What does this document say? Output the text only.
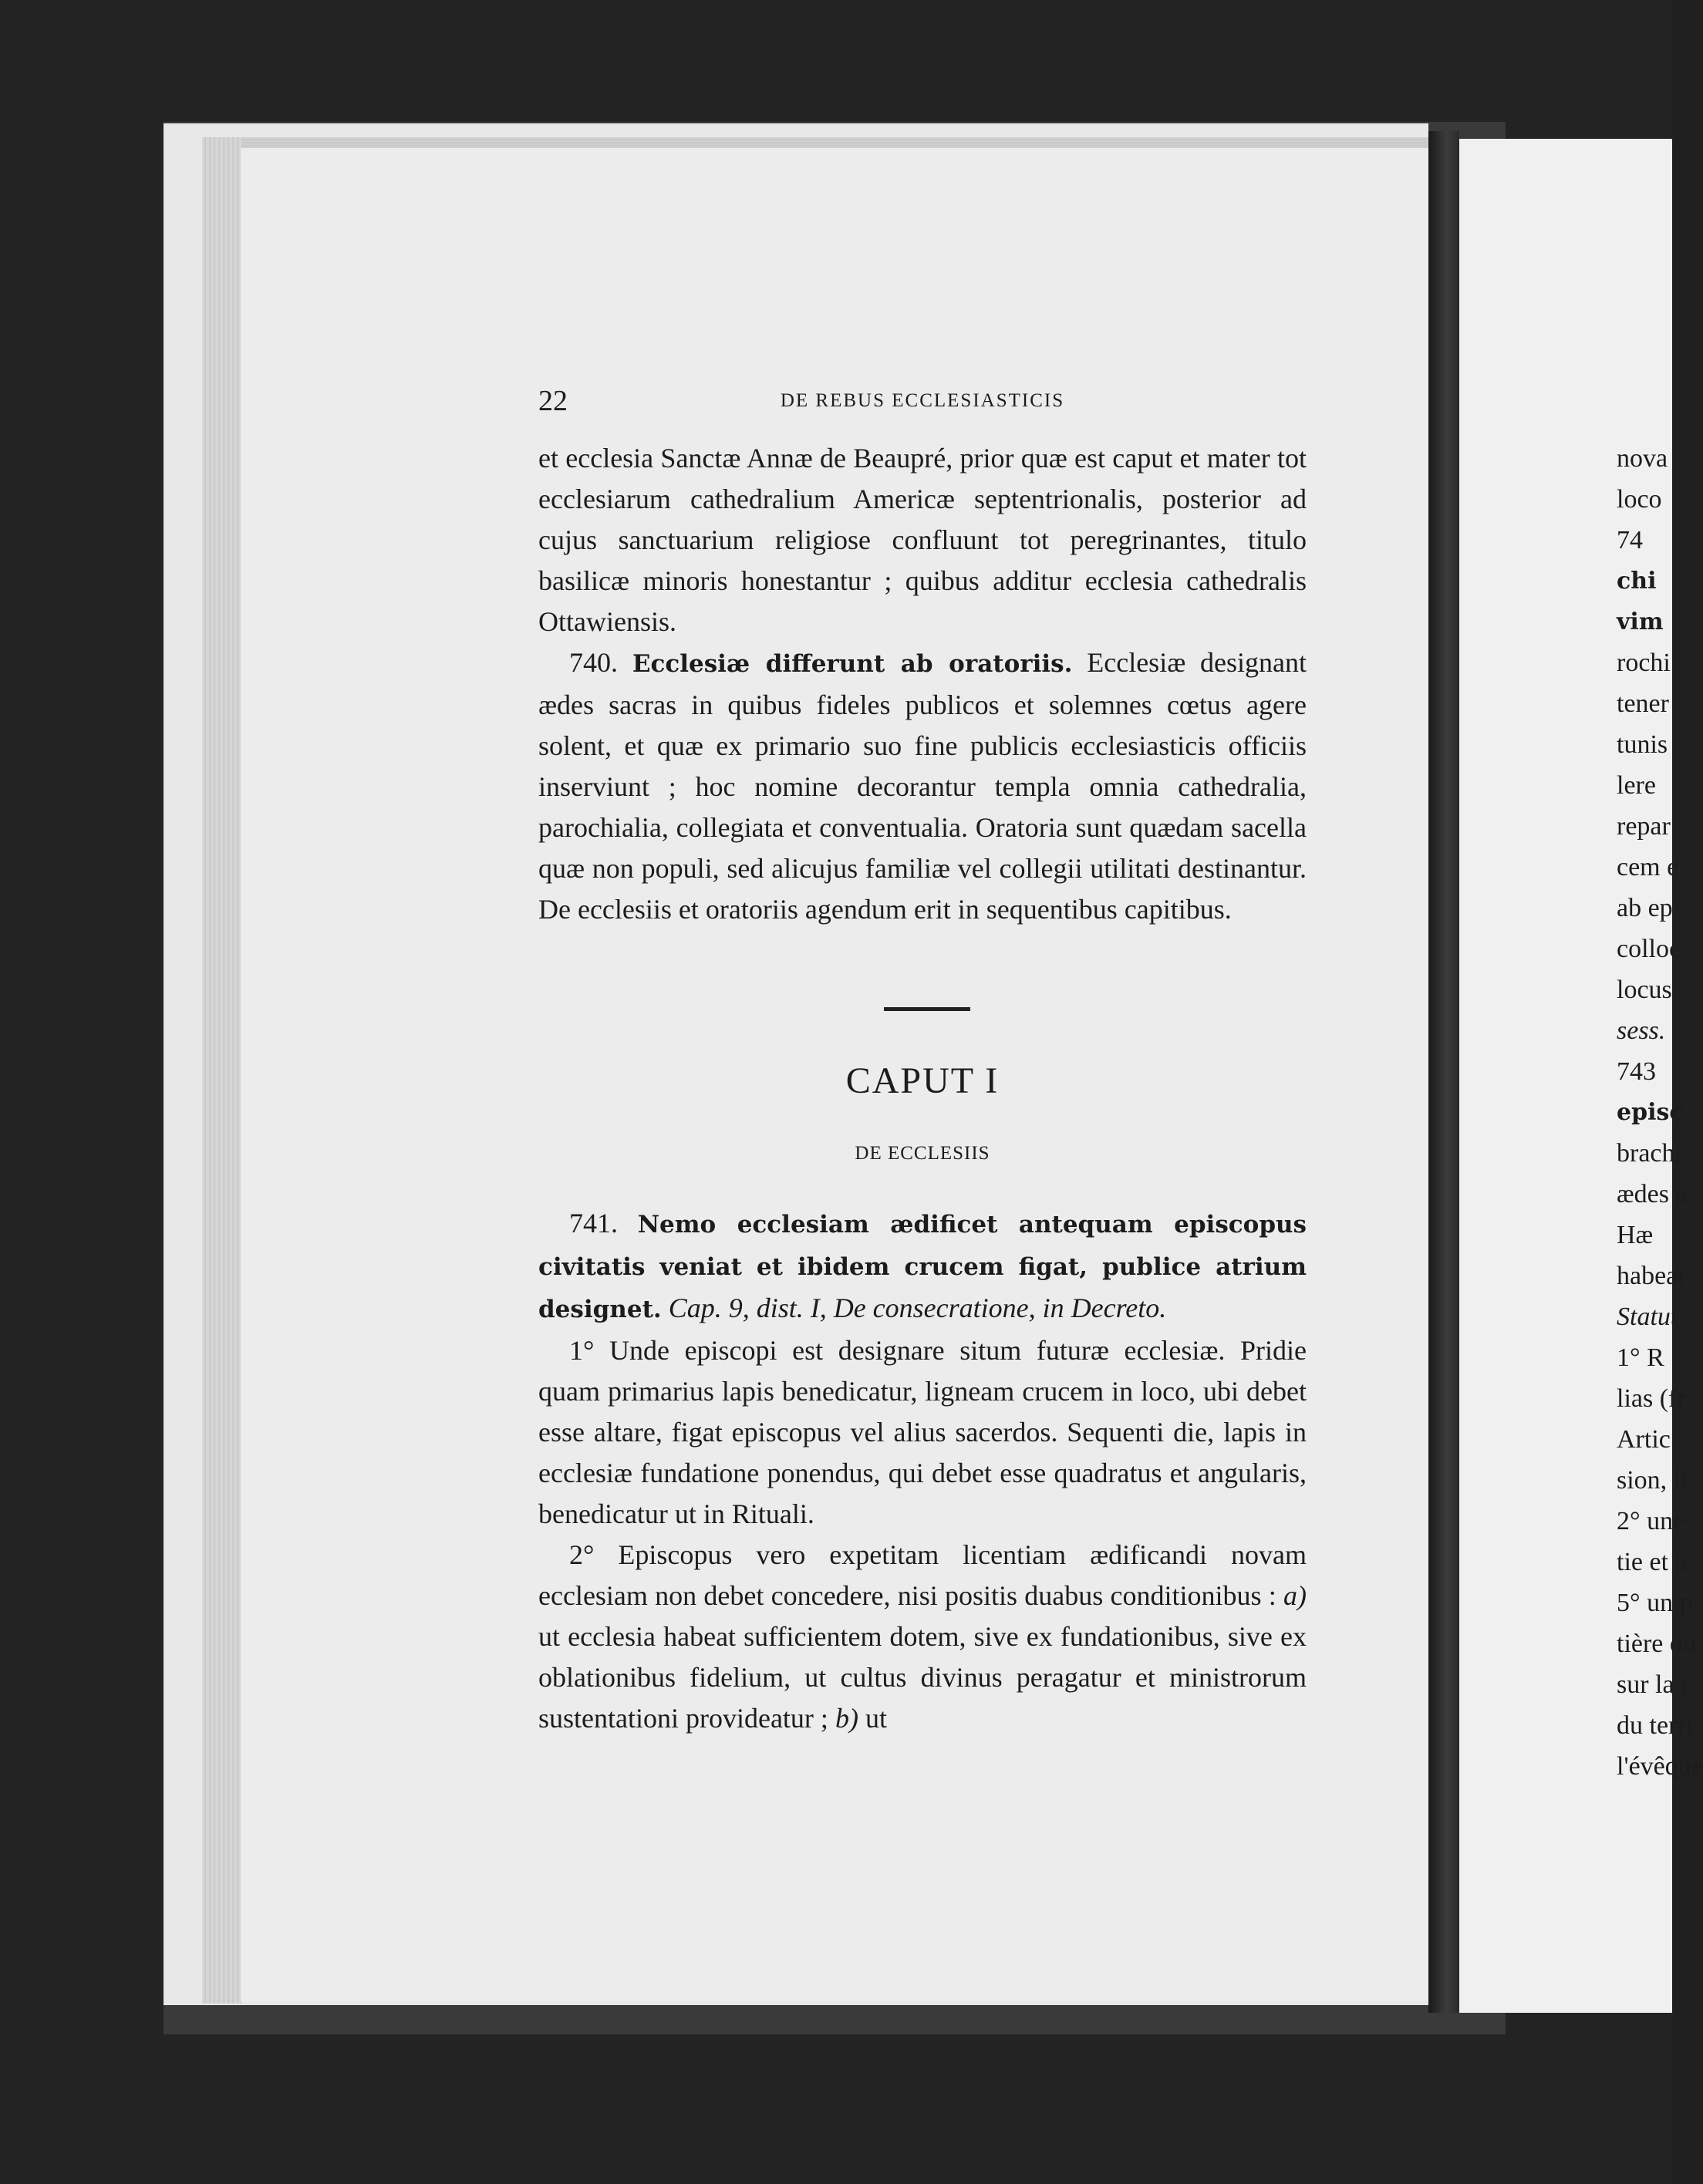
22	DE REBUS ECCLESIASTICIS

et ecclesia Sanctæ Annæ de Beaupré, prior quæ est caput et mater tot ecclesiarum cathedralium Americæ septentrionalis, posterior ad cujus sanctuarium religiose confluunt tot peregrinantes, titulo basilicæ minoris honestantur ; quibus additur ecclesia cathedralis Ottawiensis.

740. Ecclesiæ differunt ab oratoriis. Ecclesiæ designant ædes sacras in quibus fideles publicos et solemnes cœtus agere solent, et quæ ex primario suo fine publicis ecclesiasticis officiis inserviunt ; hoc nomine decorantur templa omnia cathedralia, parochialia, collegiata et conventualia. Oratoria sunt quædam sacella quæ non populi, sed alicujus familiæ vel collegii utilitati destinantur. De ecclesiis et oratoriis agendum erit in sequentibus capitibus.

CAPUT I
DE ECCLESIIS

741. Nemo ecclesiam ædificet antequam episcopus civitatis veniat et ibidem crucem figat, publice atrium designet. Cap. 9, dist. I, De consecratione, in Decreto.

1° Unde episcopi est designare situm futuræ ecclesiæ. Pridie quam primarius lapis benedicatur, ligneam crucem in loco, ubi debet esse altare, figat episcopus vel alius sacerdos. Sequenti die, lapis in ecclesiæ fundatione ponendus, qui debet esse quadratus et angularis, benedicatur ut in Rituali.

2° Episcopus vero expetitam licentiam ædificandi novam ecclesiam non debet concedere, nisi positis duabus conditionibus : a) ut ecclesia habeat sufficientem dotem, sive ex fundationibus, sive ex oblationibus fidelium, ut cultus divinus peragatur et ministrorum sustentationi provideatur ; b) ut

nova
loco
74
chi
vim
rochi
tener
tunis
lere
repar
cem e
ab ep
colloc
locus
sess.
743
episc
brachi
ædes a
Hæ
habeat
Statut
1° R
lias (fr
Artic
sion, il
2° une
tie et a
5° un p
tière ou
sur la r
du terri
l'évêque
